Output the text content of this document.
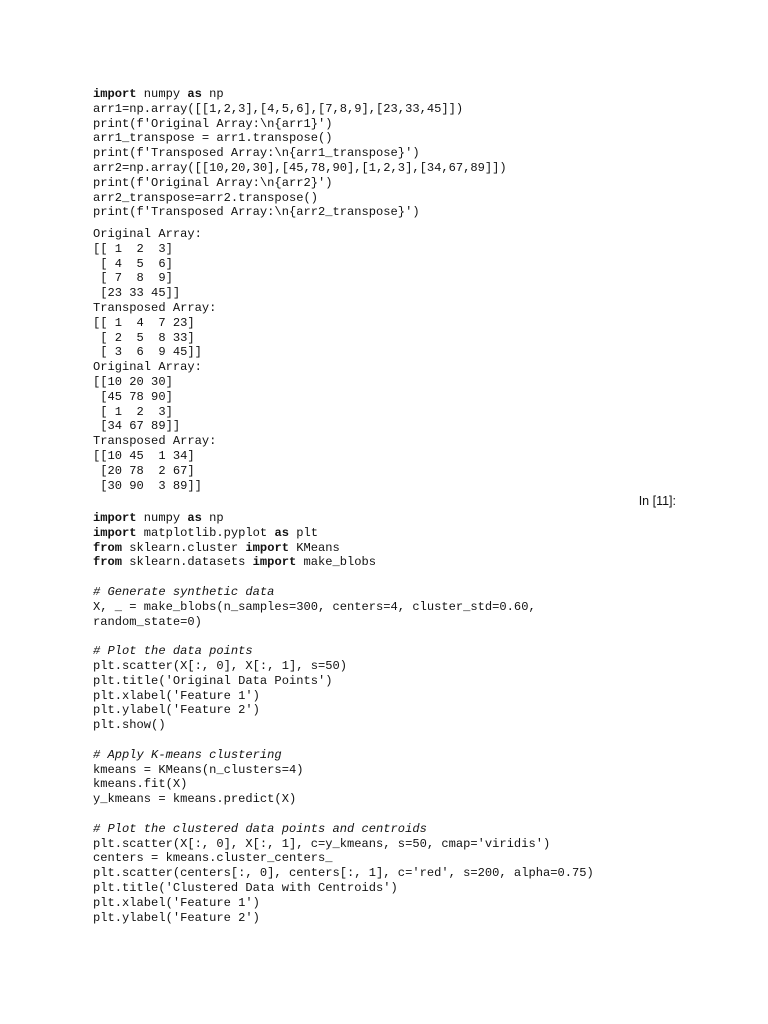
import numpy as np
arr1=np.array([[1,2,3],[4,5,6],[7,8,9],[23,33,45]])
print(f'Original Array:\n{arr1}')
arr1_transpose = arr1.transpose()
print(f'Transposed Array:\n{arr1_transpose}')
arr2=np.array([[10,20,30],[45,78,90],[1,2,3],[34,67,89]])
print(f'Original Array:\n{arr2}')
arr2_transpose=arr2.transpose()
print(f'Transposed Array:\n{arr2_transpose}')
Original Array:
[[ 1  2  3]
[ 4  5  6]
[ 7  8  9]
[23 33 45]]
Transposed Array:
[[ 1  4  7 23]
[ 2  5  8 33]
[ 3  6  9 45]]
Original Array:
[[10 20 30]
[45 78 90]
[ 1  2  3]
[34 67 89]]
Transposed Array:
[[10 45  1 34]
[20 78  2 67]
[30 90  3 89]]
In [11]:
import numpy as np
import matplotlib.pyplot as plt
from sklearn.cluster import KMeans
from sklearn.datasets import make_blobs

# Generate synthetic data
X, _ = make_blobs(n_samples=300, centers=4, cluster_std=0.60,
random_state=0)

# Plot the data points
plt.scatter(X[:, 0], X[:, 1], s=50)
plt.title('Original Data Points')
plt.xlabel('Feature 1')
plt.ylabel('Feature 2')
plt.show()

# Apply K-means clustering
kmeans = KMeans(n_clusters=4)
kmeans.fit(X)
y_kmeans = kmeans.predict(X)

# Plot the clustered data points and centroids
plt.scatter(X[:, 0], X[:, 1], c=y_kmeans, s=50, cmap='viridis')
centers = kmeans.cluster_centers_
plt.scatter(centers[:, 0], centers[:, 1], c='red', s=200, alpha=0.75)
plt.title('Clustered Data with Centroids')
plt.xlabel('Feature 1')
plt.ylabel('Feature 2')
